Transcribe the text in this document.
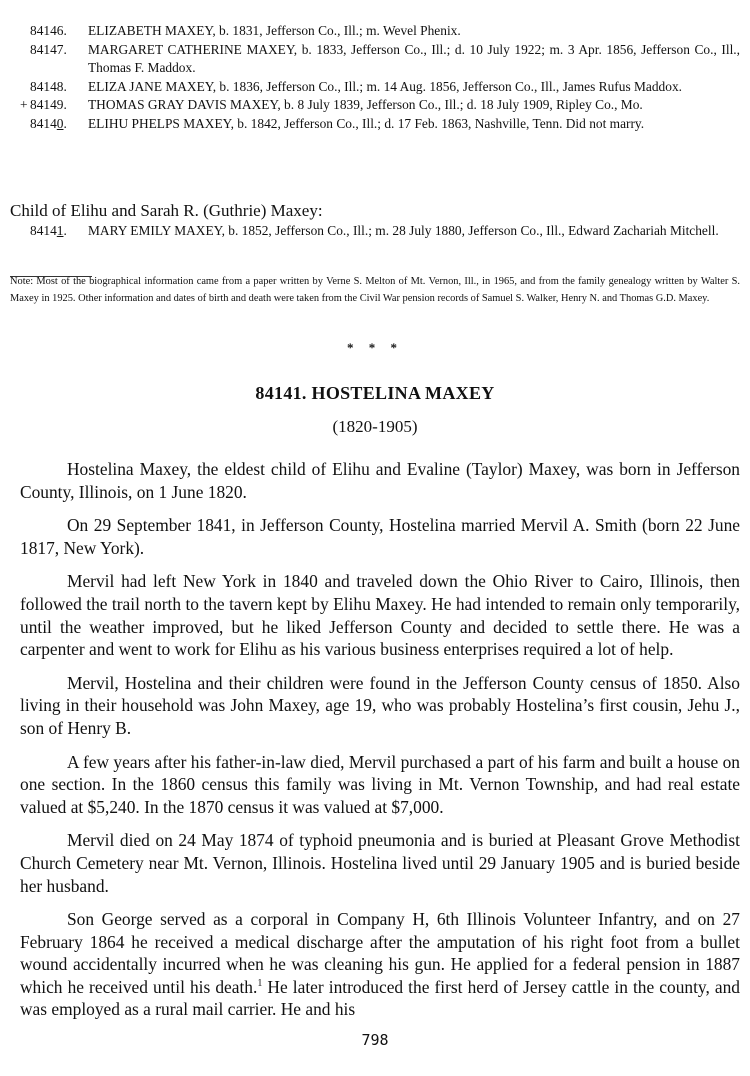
84146. ELIZABETH MAXEY, b. 1831, Jefferson Co., Ill.; m. Wevel Phenix.

84147. MARGARET CATHERINE MAXEY, b. 1833, Jefferson Co., Ill.; d. 10 July 1922; m. 3 Apr. 1856, Jefferson Co., Ill., Thomas F. Maddox.

84148. ELIZA JANE MAXEY, b. 1836, Jefferson Co., Ill.; m. 14 Aug. 1856, Jefferson Co., Ill., James Rufus Maddox.

+ 84149. THOMAS GRAY DAVIS MAXEY, b. 8 July 1839, Jefferson Co., Ill.; d. 18 July 1909, Ripley Co., Mo.

84140. ELIHU PHELPS MAXEY, b. 1842, Jefferson Co., Ill.; d. 17 Feb. 1863, Nashville, Tenn. Did not marry.

Child of Elihu and Sarah R. (Guthrie) Maxey:

84141. MARY EMILY MAXEY, b. 1852, Jefferson Co., Ill.; m. 28 July 1880, Jefferson Co., Ill., Edward Zachariah Mitchell.

Note: Most of the biographical information came from a paper written by Verne S. Melton of Mt. Vernon, Ill., in 1965, and from the family genealogy written by Walter S. Maxey in 1925. Other information and dates of birth and death were taken from the Civil War pension records of Samuel S. Walker, Henry N. and Thomas G.D. Maxey.
* * *
84141. HOSTELINA MAXEY
(1820-1905)

Hostelina Maxey, the eldest child of Elihu and Evaline (Taylor) Maxey, was born in Jefferson County, Illinois, on 1 June 1820.

On 29 September 1841, in Jefferson County, Hostelina married Mervil A. Smith (born 22 June 1817, New York).

Mervil had left New York in 1840 and traveled down the Ohio River to Cairo, Illinois, then followed the trail north to the tavern kept by Elihu Maxey. He had intended to remain only temporarily, until the weather improved, but he liked Jefferson County and decided to settle there. He was a carpenter and went to work for Elihu as his various business enterprises required a lot of help.

Mervil, Hostelina and their children were found in the Jefferson County census of 1850. Also living in their household was John Maxey, age 19, who was probably Hostelina’s first cousin, Jehu J., son of Henry B.

A few years after his father-in-law died, Mervil purchased a part of his farm and built a house on one section. In the 1860 census this family was living in Mt. Vernon Township, and had real estate valued at $5,240. In the 1870 census it was valued at $7,000.

Mervil died on 24 May 1874 of typhoid pneumonia and is buried at Pleasant Grove Methodist Church Cemetery near Mt. Vernon, Illinois. Hostelina lived until 29 January 1905 and is buried beside her husband.

Son George served as a corporal in Company H, 6th Illinois Volunteer Infantry, and on 27 February 1864 he received a medical discharge after the amputation of his right foot from a bullet wound accidentally incurred when he was cleaning his gun. He applied for a federal pension in 1887 which he received until his death.$^1$ He later introduced the first herd of Jersey cattle in the county, and was employed as a rural mail carrier. He and his

798
